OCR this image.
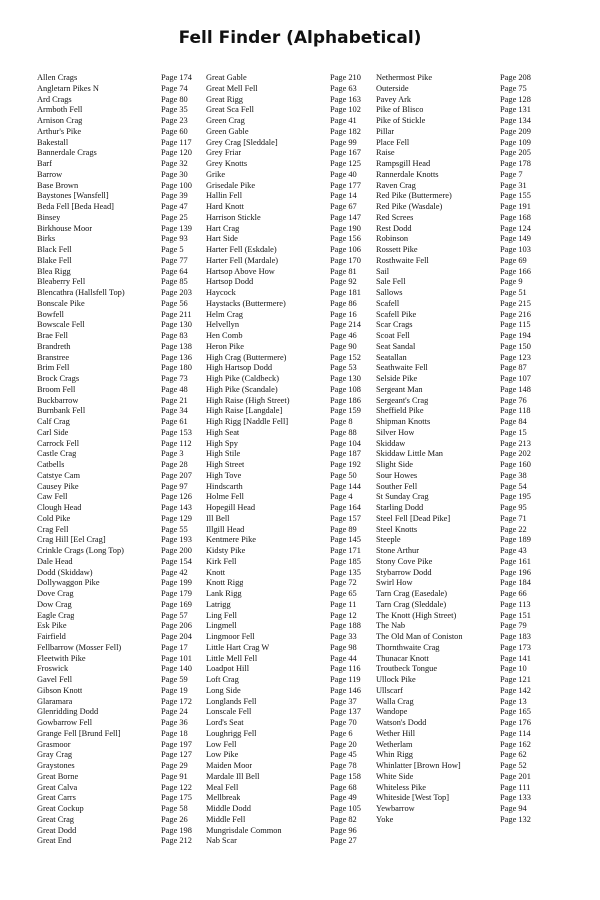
Fell Finder (Alphabetical)
Allen Crags	Page 174
Angletarn Pikes N	Page 74
Ard Crags	Page 80
Armboth Fell	Page 35
Arnison Crag	Page 23
Arthur's Pike	Page 60
Bakestall	Page 117
Bannerdale Crags	Page 120
Barf	Page 32
Barrow	Page 30
Base Brown	Page 100
Baystones [Wansfell]	Page 39
Beda Fell [Beda Head]	Page 47
Binsey	Page 25
Birkhouse Moor	Page 139
Birks	Page 93
Black Fell	Page 5
Blake Fell	Page 77
Blea Rigg	Page 64
Bleaberry Fell	Page 85
Blencathra (Hallsfell Top)	Page 203
Bonscale Pike	Page 56
Bowfell	Page 211
Bowscale Fell	Page 130
Brae Fell	Page 83
Brandreth	Page 138
Branstree	Page 136
Brim Fell	Page 180
Brock Crags	Page 73
Broom Fell	Page 48
Buckbarrow	Page 21
Burnbank Fell	Page 34
Calf Crag	Page 61
Carl Side	Page 153
Carrock Fell	Page 112
Castle Crag	Page 3
Catbells	Page 28
Catstye Cam	Page 207
Causey Pike	Page 97
Caw Fell	Page 126
Clough Head	Page 143
Cold Pike	Page 129
Crag Fell	Page 55
Crag Hill [Eel Crag]	Page 193
Crinkle Crags (Long Top)	Page 200
Dale Head	Page 154
Dodd (Skiddaw)	Page 42
Dollywaggon Pike	Page 199
Dove Crag	Page 179
Dow Crag	Page 169
Eagle Crag	Page 57
Esk Pike	Page 206
Fairfield	Page 204
Fellbarrow (Mosser Fell)	Page 17
Fleetwith Pike	Page 101
Froswick	Page 140
Gavel Fell	Page 59
Gibson Knott	Page 19
Glaramara	Page 172
Glenridding Dodd	Page 24
Gowbarrow Fell	Page 36
Grange Fell [Brund Fell]	Page 18
Grasmoor	Page 197
Gray Crag	Page 127
Graystones	Page 29
Great Borne	Page 91
Great Calva	Page 122
Great Carrs	Page 175
Great Cockup	Page 58
Great Crag	Page 26
Great Dodd	Page 198
Great End	Page 212
Great Gable	Page 210
Great Mell Fell	Page 63
Great Rigg	Page 163
Great Sca Fell	Page 102
Green Crag	Page 41
Green Gable	Page 182
Grey Crag [Sleddale]	Page 99
Grey Friar	Page 167
Grey Knotts	Page 125
Grike	Page 40
Grisedale Pike	Page 177
Hallin Fell	Page 14
Hard Knott	Page 67
Harrison Stickle	Page 147
Hart Crag	Page 190
Hart Side	Page 156
Harter Fell (Eskdale)	Page 106
Harter Fell (Mardale)	Page 170
Hartsop Above How	Page 81
Hartsop Dodd	Page 92
Haycock	Page 181
Haystacks (Buttermere)	Page 86
Helm Crag	Page 16
Helvellyn	Page 214
Hen Comb	Page 46
Heron Pike	Page 90
High Crag (Buttermere)	Page 152
High Hartsop Dodd	Page 53
High Pike (Caldbeck)	Page 130
High Pike (Scandale)	Page 108
High Raise (High Street)	Page 186
High Raise [Langdale]	Page 159
High Rigg [Naddle Fell]	Page 8
High Seat	Page 88
High Spy	Page 104
High Stile	Page 187
High Street	Page 192
High Tove	Page 50
Hindscarth	Page 144
Holme Fell	Page 4
Hopegill Head	Page 164
Ill Bell	Page 157
Illgill Head	Page 89
Kentmere Pike	Page 145
Kidsty Pike	Page 171
Kirk Fell	Page 185
Knott	Page 135
Knott Rigg	Page 72
Lank Rigg	Page 65
Latrigg	Page 11
Ling Fell	Page 12
Lingmell	Page 188
Lingmoor Fell	Page 33
Little Hart Crag W	Page 98
Little Mell Fell	Page 44
Loadpot Hill	Page 116
Loft Crag	Page 119
Long Side	Page 146
Longlands Fell	Page 37
Lonscale Fell	Page 137
Lord's Seat	Page 70
Loughrigg Fell	Page 6
Low Fell	Page 20
Low Pike	Page 45
Maiden Moor	Page 78
Mardale Ill Bell	Page 158
Meal Fell	Page 68
Mellbreak	Page 49
Middle Dodd	Page 105
Middle Fell	Page 82
Mungrisdale Common	Page 96
Nab Scar	Page 27
Nethermost Pike	Page 208
Outerside	Page 75
Pavey Ark	Page 128
Pike of Blisco	Page 131
Pike of Stickle	Page 134
Pillar	Page 209
Place Fell	Page 109
Raise	Page 205
Rampsgill Head	Page 178
Rannerdale Knotts	Page 7
Raven Crag	Page 31
Red Pike (Buttermere)	Page 155
Red Pike (Wasdale)	Page 191
Red Screes	Page 168
Rest Dodd	Page 124
Robinson	Page 149
Rossett Pike	Page 103
Rosthwaite Fell	Page 69
Sail	Page 166
Sale Fell	Page 9
Sallows	Page 51
Scafell	Page 215
Scafell Pike	Page 216
Scar Crags	Page 115
Scoat Fell	Page 194
Seat Sandal	Page 150
Seatallan	Page 123
Seathwaite Fell	Page 87
Selside Pike	Page 107
Sergeant Man	Page 148
Sergeant's Crag	Page 76
Sheffield Pike	Page 118
Shipman Knotts	Page 84
Silver How	Page 15
Skiddaw	Page 213
Skiddaw Little Man	Page 202
Slight Side	Page 160
Sour Howes	Page 38
Souther Fell	Page 54
St Sunday Crag	Page 195
Starling Dodd	Page 95
Steel Fell [Dead Pike]	Page 71
Steel Knotts	Page 22
Steeple	Page 189
Stone Arthur	Page 43
Stony Cove Pike	Page 161
Stybarrow Dodd	Page 196
Swirl How	Page 184
Tarn Crag (Easedale)	Page 66
Tarn Crag (Sleddale)	Page 113
The Knott (High Street)	Page 151
The Nab	Page 79
The Old Man of Coniston	Page 183
Thornthwaite Crag	Page 173
Thunacar Knott	Page 141
Troutbeck Tongue	Page 10
Ullock Pike	Page 121
Ullscarf	Page 142
Walla Crag	Page 13
Wandope	Page 165
Watson's Dodd	Page 176
Wether Hill	Page 114
Wetherlam	Page 162
Whin Rigg	Page 62
Whinlatter [Brown How]	Page 52
White Side	Page 201
Whiteless Pike	Page 111
Whiteside [West Top]	Page 133
Yewbarrow	Page 94
Yoke	Page 132
